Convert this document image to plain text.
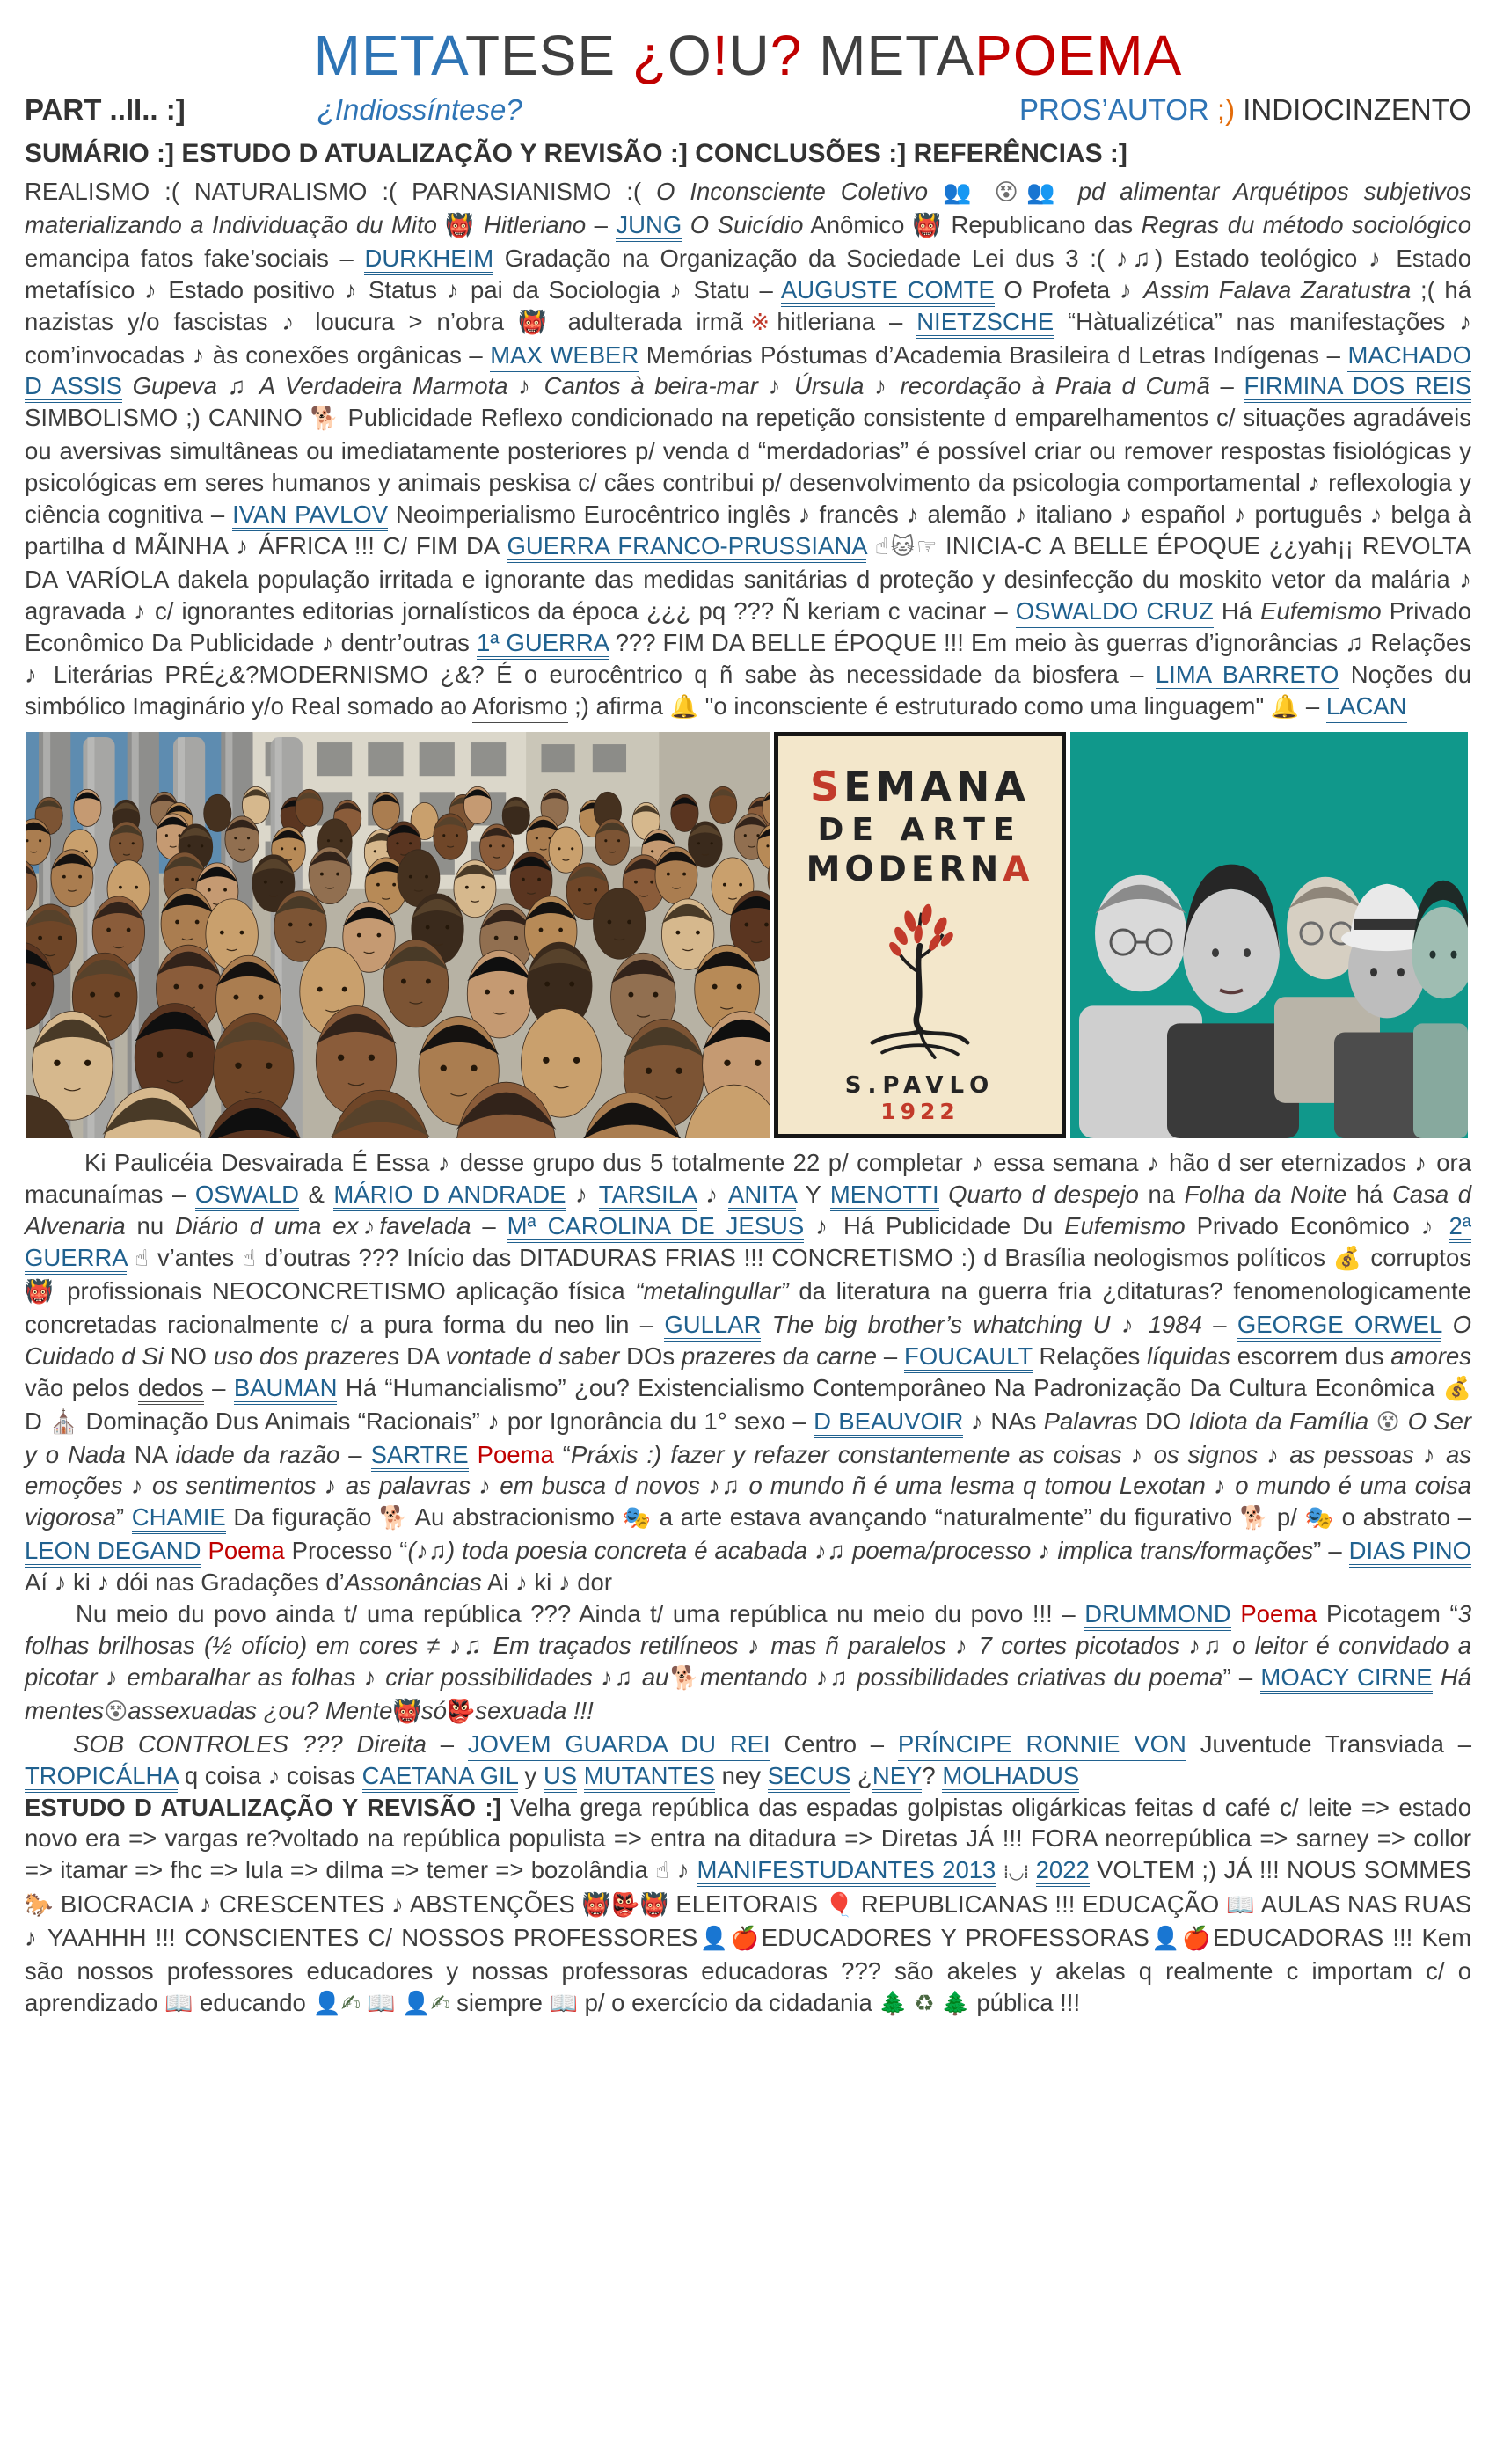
METATESE ¿O!U? METAPOEMA
PART ..II.. :]	¿Indiossíntese?	PROS’AUTOR ;) INDIOCINZENTO
SUMÁRIO :] ESTUDO D ATUALIZAÇÃO Y REVISÃO :] CONCLUSÕES :] REFERÊNCIAS :]

REALISMO :( NATURALISMO :( PARNASIANISMO :( O Inconsciente Coletivo 👥 😵👥 pd alimentar Arquétipos subjetivos materializando a Individuação du Mito 👹 Hitleriano – JUNG O Suicídio Anômico 👹 Republicano das Regras du método sociológico emancipa fatos fake’sociais – DURKHEIM Gradação na Organização da Sociedade Lei dus 3 :( ♪♫) Estado teológico ♪ Estado metafísico ♪ Estado positivo ♪ Status ♪ pai da Sociologia ♪ Statu – AUGUSTE COMTE O Profeta ♪ Assim Falava Zaratustra ;( há nazistas y/o fascistas ♪ loucura > n’obra 👹 adulterada irmã※hitleriana – NIETZSCHE “Hàtualizética” nas manifestações ♪ com’invocadas ♪ às conexões orgânicas – MAX WEBER Memórias Póstumas d’Academia Brasileira d Letras Indígenas – MACHADO D ASSIS Gupeva ♫ A Verdadeira Marmota ♪ Cantos à beira-mar ♪ Úrsula ♪ recordação à Praia d Cumã – FIRMINA DOS REIS SIMBOLISMO ;) CANINO 🐕 Publicidade Reflexo condicionado na repetição consistente d emparelhamentos c/ situações agradáveis ou aversivas simultâneas ou imediatamente posteriores p/ venda d “merdadorias” é possível criar ou remover respostas fisiológicas y psicológicas em seres humanos y animais peskisa c/ cães contribui p/ desenvolvimento da psicologia comportamental ♪ reflexologia y ciência cognitiva – IVAN PAVLOV Neoimperialismo Eurocêntrico inglês ♪ francês ♪ alemão ♪ italiano ♪ español ♪ português ♪ belga à partilha d MÃINHA ♪ ÁFRICA !!! C/ FIM DA GUERRA FRANCO-PRUSSIANA ☝🐱☞ INICIA-C A BELLE ÉPOQUE ¿¿yah¡¡ REVOLTA DA VARÍOLA dakela população irritada e ignorante das medidas sanitárias d proteção y desinfecção du moskito vetor da malária ♪ agravada ♪ c/ ignorantes editorias jornalísticos da época ¿¿¿ pq ??? Ñ keriam c vacinar – OSWALDO CRUZ Há Eufemismo Privado Econômico Da Publicidade ♪ dentr’outras 1ª GUERRA ??? FIM DA BELLE ÉPOQUE !!! Em meio às guerras d’ignorâncias ♫ Relações ♪ Literárias PRÉ¿&?MODERNISMO ¿&? É o eurocêntrico q ñ sabe às necessidade da biosfera – LIMA BARRETO Noções du simbólico Imaginário y/o Real somado ao Aforismo ;) afirma 🔔 "o inconsciente é estruturado como uma linguagem" 🔔 – LACAN

SEMANA
DE ARTE
MODERNA
S.PAVLO
1922

Ki Paulicéia Desvairada É Essa ♪ desse grupo dus 5 totalmente 22 p/ completar ♪ essa semana ♪ hão d ser eternizados ♪ ora macunaímas – OSWALD & MÁRIO D ANDRADE ♪ TARSILA ♪ ANITA Y MENOTTI Quarto d despejo na Folha da Noite há Casa d Alvenaria nu Diário d uma ex♪favelada – Mª CAROLINA DE JESUS ♪ Há Publicidade Du Eufemismo Privado Econômico ♪ 2ª GUERRA ☝ v’antes ☝ d’outras ??? Início das DITADURAS FRIAS !!! CONCRETISMO :) d Brasília neologismos políticos 💰 corruptos 👹 profissionais NEOCONCRETISMO aplicação física “metalingullar” da literatura na guerra fria ¿ditaturas? fenomenologicamente concretadas racionalmente c/ a pura forma du neo lin – GULLAR The big brother’s whatching U ♪ 1984 – GEORGE ORWEL O Cuidado d Si NO uso dos prazeres DA vontade d saber DOs prazeres da carne – FOUCAULT Relações líquidas escorrem dus amores vão pelos dedos – BAUMAN Há “Humancialismo” ¿ou? Existencialismo Contemporâneo Na Padronização Da Cultura Econômica 💰 D ⛪ Dominação Dus Animais “Racionais” ♪ por Ignorância du 1° sexo – D BEAUVOIR ♪ NAs Palavras DO Idiota da Família 😵 O Ser y o Nada NA idade da razão – SARTRE Poema “Práxis :) fazer y refazer constantemente as coisas ♪ os signos ♪ as pessoas ♪ as emoções ♪ os sentimentos ♪ as palavras ♪ em busca d novos ♪♫ o mundo ñ é uma lesma q tomou Lexotan ♪ o mundo é uma coisa vigorosa” CHAMIE Da figuração 🐕 Au abstracionismo 🎭 a arte estava avançando “naturalmente” du figurativo 🐕 p/ 🎭 o abstrato – LEON DEGAND Poema Processo “(♪♫) toda poesia concreta é acabada ♪♫ poema/processo ♪ implica trans/formações” – DIAS PINO Aí ♪ ki ♪ dói nas Gradações d’Assonâncias Ai ♪ ki ♪ dor

Nu meio du povo ainda t/ uma república ??? Ainda t/ uma república nu meio du povo !!! – DRUMMOND Poema Picotagem “3 folhas brilhosas (½ ofício) em cores ≠ ♪♫ Em traçados retilíneos ♪ mas ñ paralelos ♪ 7 cortes picotados ♪♫ o leitor é convidado a picotar ♪ embaralhar as folhas ♪ criar possibilidades ♪♫ au🐕mentando ♪♫ possibilidades criativas du poema” – MOACY CIRNE Há mentes😵assexuadas ¿ou? Mente👹só👺sexuada !!!

SOB CONTROLES ??? Direita – JOVEM GUARDA DU REI Centro – PRÍNCIPE RONNIE VON Juventude Transviada – TROPICÁLHA q coisa ♪ coisas CAETANA GIL y US MUTANTES ney SECUS ¿NEY? MOLHADUS

ESTUDO D ATUALIZAÇÃO Y REVISÃO :] Velha grega república das espadas golpistas oligárkicas feitas d café c/ leite => estado novo era => vargas re?voltado na república populista => entra na ditadura => Diretas JÁ !!! FORA neorrepública => sarney => collor => itamar => fhc => lula => dilma => temer => bozolândia ☝ ♪ MANIFESTUDANTES 2013 ⁞◡⁞ 2022 VOLTEM ;) JÁ !!! NOUS SOMMES 🐎 BIOCRACIA ♪ CRESCENTES ♪ ABSTENÇÕES 👹👺👹 ELEITORAIS 🎈 REPUBLICANAS !!! EDUCAÇÃO 📖 AULAS NAS RUAS ♪ YAAHHH !!! CONSCIENTES C/ NOSSOS PROFESSORES👤🍎EDUCADORES Y PROFESSORAS👤🍎EDUCADORAS !!! Kem são nossos professores educadores y nossas professoras educadoras ??? são akeles y akelas q realmente c importam c/ o aprendizado 📖 educando 👤✍ 📖 👤✍ siempre 📖 p/ o exercício da cidadania 🌲 ♻ 🌲 pública !!!
